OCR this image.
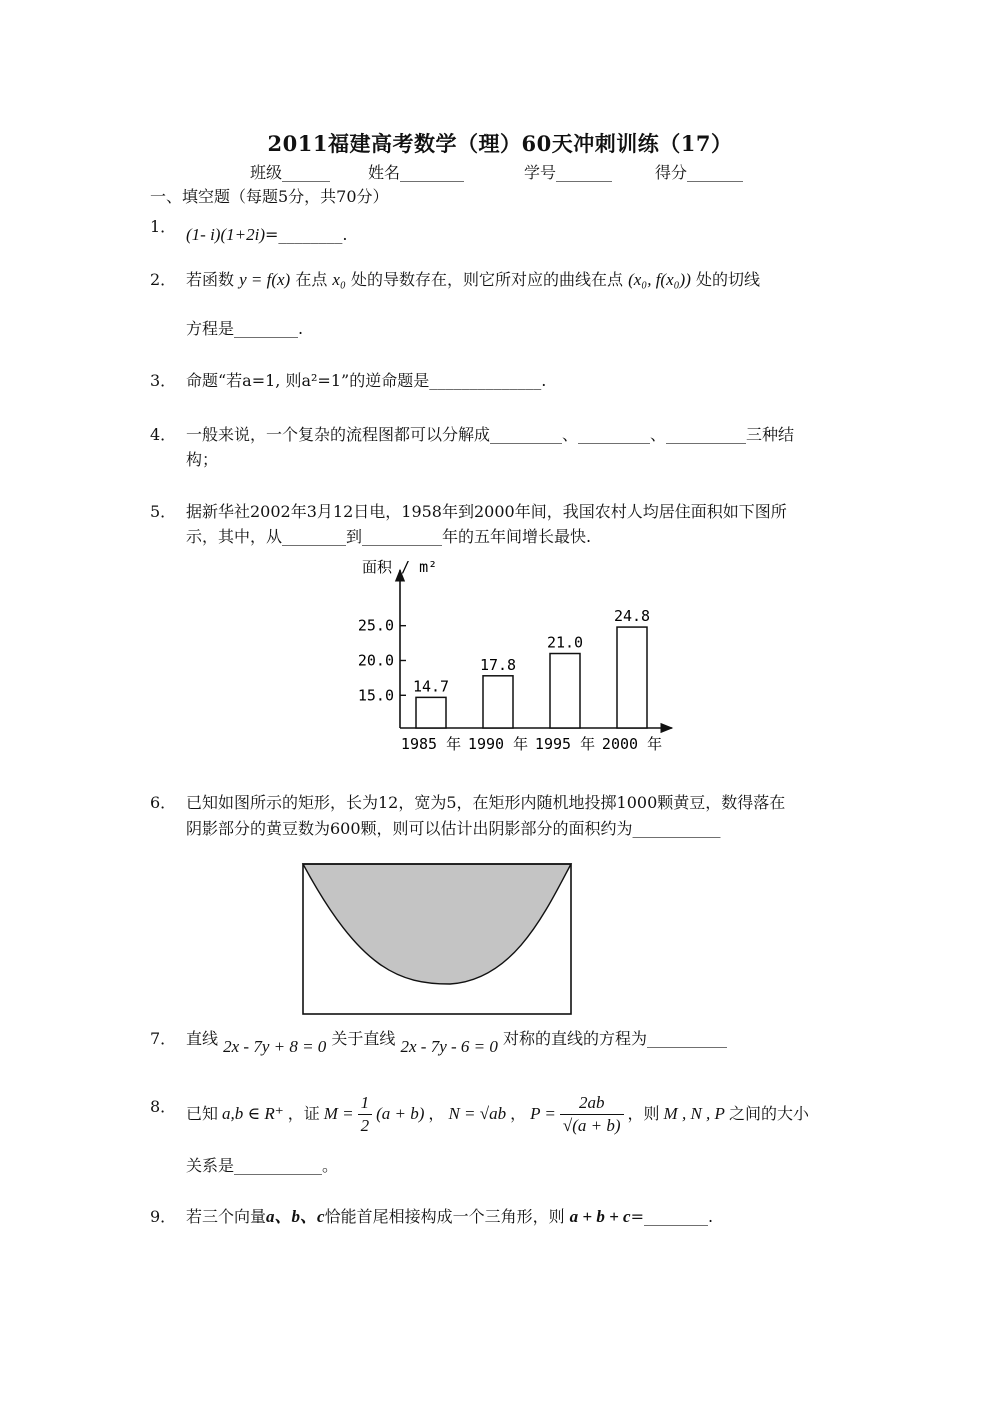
2011福建高考数学（理）60天冲刺训练（17）
班级______ 姓名________	学号_______	得分_______
一、填空题（每题5分，共70分）
1． (1- i)(1+2i)=________.
2． 若函数 y = f(x) 在点 x₀ 处的导数存在，则它所对应的曲线在点 (x₀, f(x₀)) 处的切线
方程是________.
3． 命题“若a=1, 则a²=1”的逆命题是______________.
4． 一般来说，一个复杂的流程图都可以分解成_________、_________、__________三种结
构；
5． 据新华社2002年3月12日电，1958年到2000年间，我国农村人均居住面积如下图所
示，其中，从________到__________年的五年间增长最快.
面积 / m²
15.0
20.0
25.0
14.7
1985 年
17.8
1990 年
21.0
1995 年
24.8
2000 年
6． 已知如图所示的矩形，长为12，宽为5，在矩形内随机地投掷1000颗黄豆，数得落在
阴影部分的黄豆数为600颗，则可以估计出阴影部分的面积约为___________
7． 直线 2x - 7y + 8 = 0 关于直线 2x - 7y - 6 = 0 对称的直线的方程为__________
8． 已知 a,b ∈ R⁺ ，证 $M = \frac{1}{2} (a + b)$ ， N = √ab ， $P = \frac{2ab}{√(a + b)}$ ，则 M , N , P 之间的大小
关系是___________。
9． 若三个向量a、b、c恰能首尾相接构成一个三角形，则 a + b + c=________.
